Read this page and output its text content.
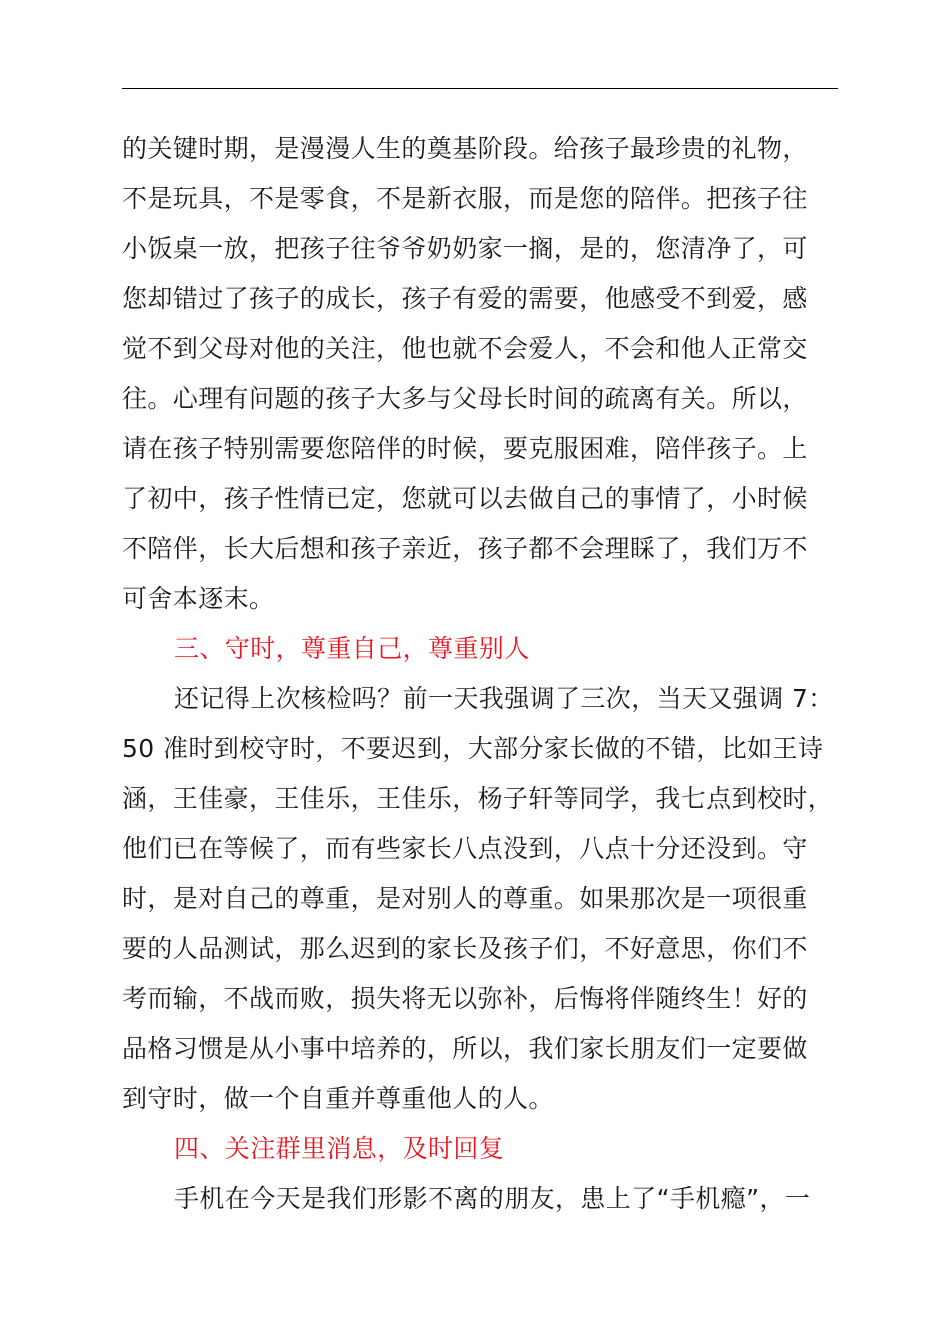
的关键时期，是漫漫人生的奠基阶段。给孩子最珍贵的礼物，
不是玩具，不是零食，不是新衣服，而是您的陪伴。把孩子往
小饭桌一放，把孩子往爷爷奶奶家一搁，是的，您清净了，可
您却错过了孩子的成长，孩子有爱的需要，他感受不到爱，感
觉不到父母对他的关注，他也就不会爱人，不会和他人正常交
往。心理有问题的孩子大多与父母长时间的疏离有关。所以，
请在孩子特别需要您陪伴的时候，要克服困难，陪伴孩子。上
了初中，孩子性情已定，您就可以去做自己的事情了，小时候
不陪伴，长大后想和孩子亲近，孩子都不会理睬了，我们万不
可舍本逐末。
三、守时，尊重自己，尊重别人
还记得上次核检吗？前一天我强调了三次，当天又强调 7：
50 准时到校守时，不要迟到，大部分家长做的不错，比如王诗
涵，王佳豪，王佳乐，王佳乐，杨子轩等同学，我七点到校时，
他们已在等候了，而有些家长八点没到，八点十分还没到。守
时，是对自己的尊重，是对别人的尊重。如果那次是一项很重
要的人品测试，那么迟到的家长及孩子们，不好意思，你们不
考而输，不战而败，损失将无以弥补，后悔将伴随终生！好的
品格习惯是从小事中培养的，所以，我们家长朋友们一定要做
到守时，做一个自重并尊重他人的人。
四、关注群里消息，及时回复
手机在今天是我们形影不离的朋友，患上了“手机瘾”，一
